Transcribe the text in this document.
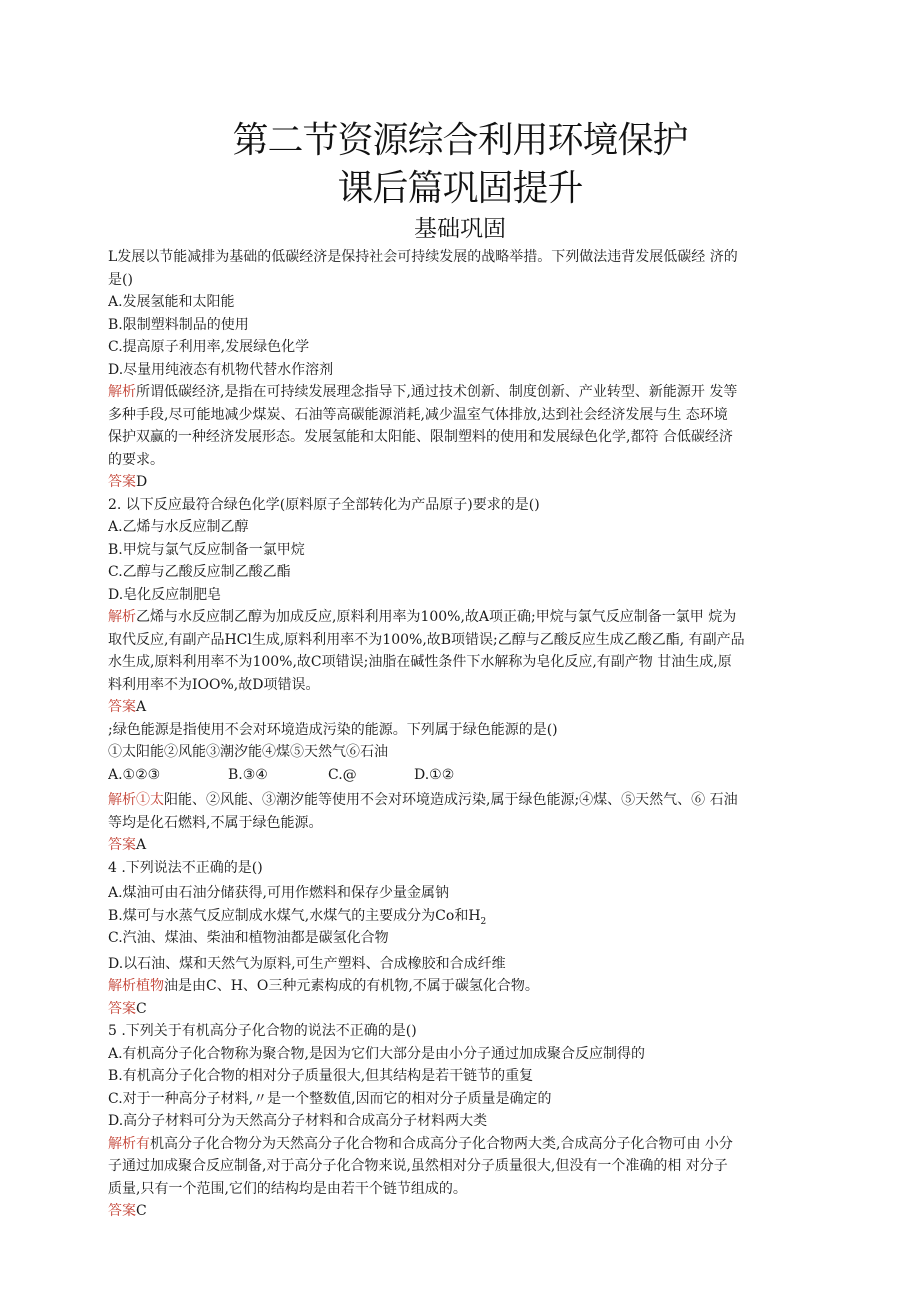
第二节资源综合利用环境保护
课后篇巩固提升
基础巩固
L发展以节能减排为基础的低碳经济是保持社会可持续发展的战略举措。下列做法违背发展低碳经 济的
是()
A.发展氢能和太阳能
B.限制塑料制品的使用
C.提高原子利用率,发展绿色化学
D.尽量用纯液态有机物代替水作溶剂
解析所谓低碳经济,是指在可持续发展理念指导下,通过技术创新、制度创新、产业转型、新能源开 发等
多种手段,尽可能地减少煤炭、石油等高碳能源消耗,减少温室气体排放,达到社会经济发展与生 态环境
保护双赢的一种经济发展形态。发展氢能和太阳能、限制塑料的使用和发展绿色化学,都符 合低碳经济
的要求。
答案D
2. 以下反应最符合绿色化学(原料原子全部转化为产品原子)要求的是()
A.乙烯与水反应制乙醇
B.甲烷与氯气反应制备一氯甲烷
C.乙醇与乙酸反应制乙酸乙酯
D.皂化反应制肥皂
解析乙烯与水反应制乙醇为加成反应,原料利用率为100%,故A项正确;甲烷与氯气反应制备一氯甲 烷为
取代反应,有副产品HCl生成,原料利用率不为100%,故B项错误;乙醇与乙酸反应生成乙酸乙酯, 有副产品
水生成,原料利用率不为100%,故C项错误;油脂在碱性条件下水解称为皂化反应,有副产物 甘油生成,原
料利用率不为IOO%,故D项错误。
答案A
;绿色能源是指使用不会对环境造成污染的能源。下列属于绿色能源的是()
①太阳能②风能③潮汐能④煤⑤天然气⑥石油
A.①②③	B.③④	C.@	D.①②
解析①太阳能、②风能、③潮汐能等使用不会对环境造成污染,属于绿色能源;④煤、⑤天然气、⑥ 石油
等均是化石燃料,不属于绿色能源。
答案A
4 .下列说法不正确的是()
A.煤油可由石油分储获得,可用作燃料和保存少量金属钠
B.煤可与水蒸气反应制成水煤气,水煤气的主要成分为Co和$H_2$
C.汽油、煤油、柴油和植物油都是碳氢化合物
D.以石油、煤和天然气为原料,可生产塑料、合成橡胶和合成纤维
解析植物油是由C、H、O三种元素构成的有机物,不属于碳氢化合物。
答案C
5 .下列关于有机高分子化合物的说法不正确的是()
A.有机高分子化合物称为聚合物,是因为它们大部分是由小分子通过加成聚合反应制得的
B.有机高分子化合物的相对分子质量很大,但其结构是若干链节的重复
C.对于一种高分子材料,〃是一个整数值,因而它的相对分子质量是确定的
D.高分子材料可分为天然高分子材料和合成高分子材料两大类
解析有机高分子化合物分为天然高分子化合物和合成高分子化合物两大类,合成高分子化合物可由 小分
子通过加成聚合反应制备,对于高分子化合物来说,虽然相对分子质量很大,但没有一个准确的相 对分子
质量,只有一个范围,它们的结构均是由若干个链节组成的。
答案C
